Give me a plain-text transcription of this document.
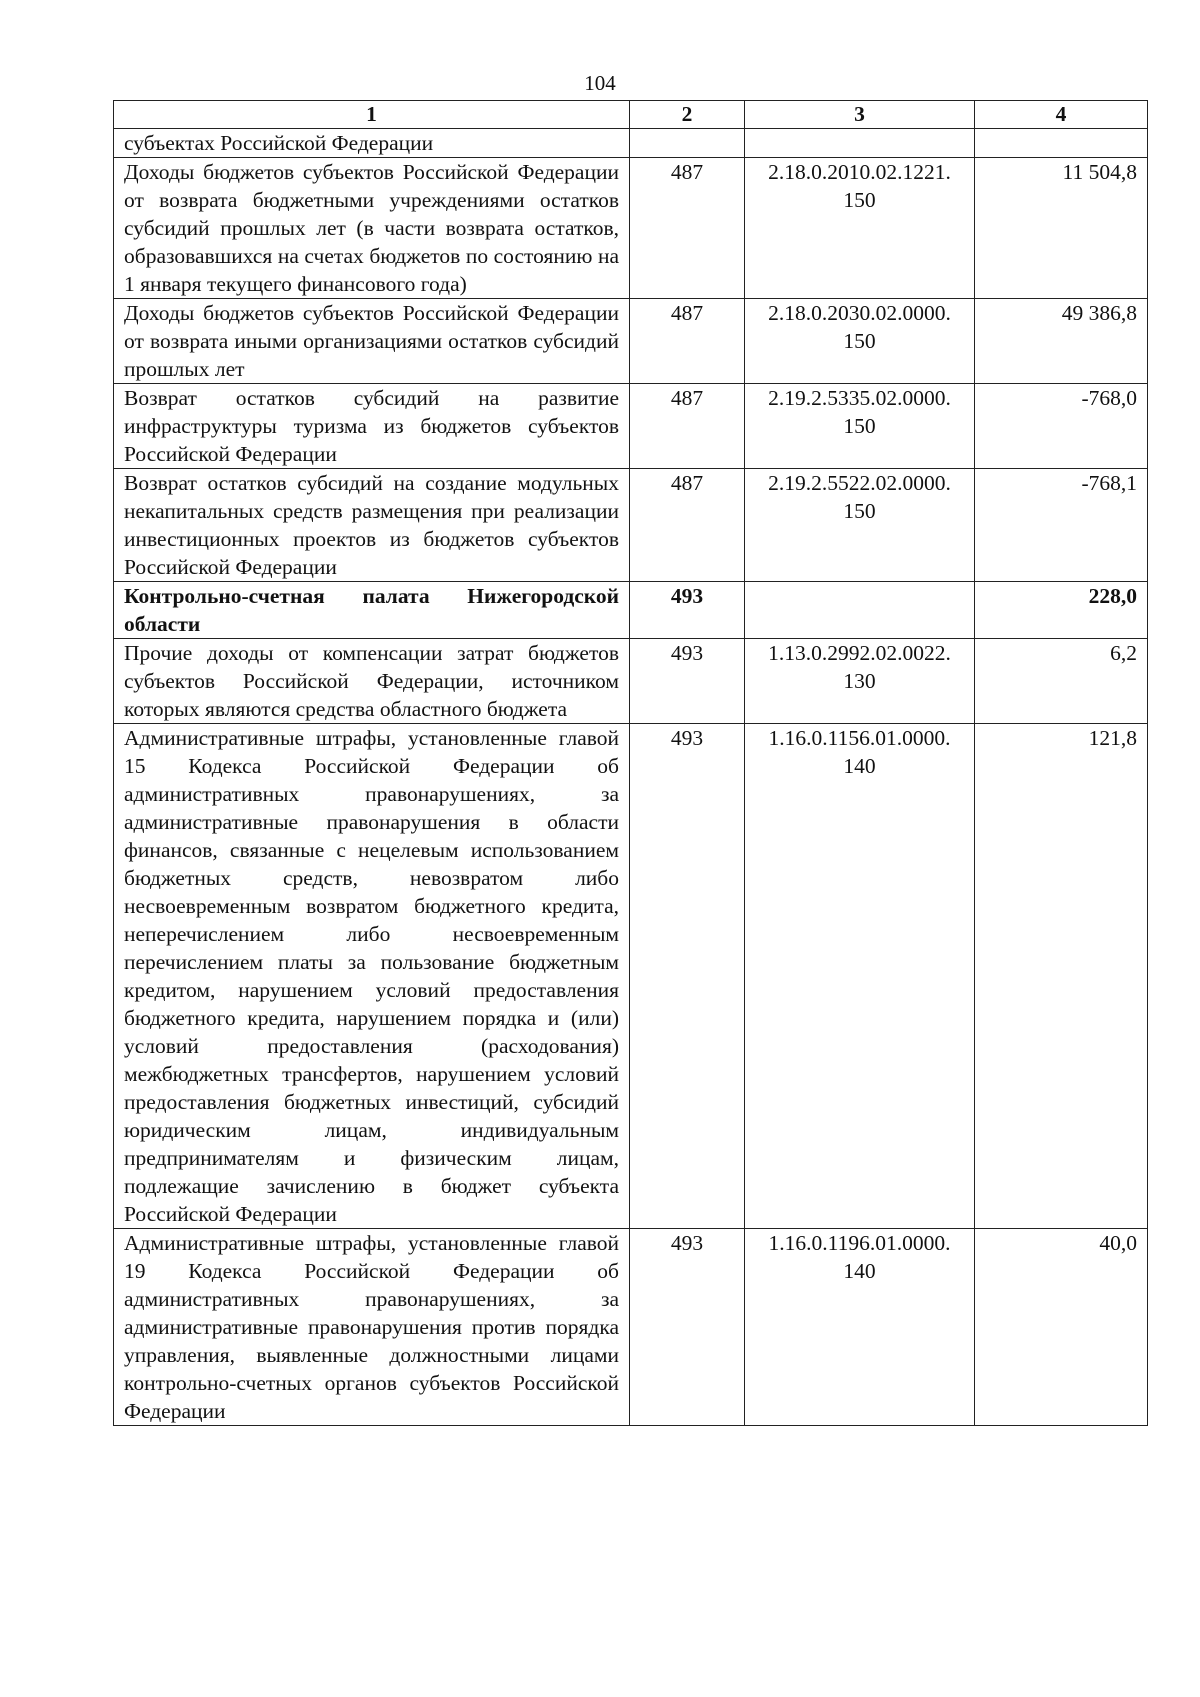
104
1	2	3	4
субъектах Российской Федерации			
Доходы бюджетов субъектов Российской Федерации от возврата бюджетными учреждениями остатков субсидий прошлых лет (в части возврата остатков, образовавшихся на счетах бюджетов по состоянию на 1 января текущего финансового года)	487	2.18.0.2010.02.1221. 150	11 504,8
Доходы бюджетов субъектов Российской Федерации от возврата иными организациями остатков субсидий прошлых лет	487	2.18.0.2030.02.0000. 150	49 386,8
Возврат остатков субсидий на развитие инфраструктуры туризма из бюджетов субъектов Российской Федерации	487	2.19.2.5335.02.0000. 150	-768,0
Возврат остатков субсидий на создание модульных некапитальных средств размещения при реализации инвестиционных проектов из бюджетов субъектов Российской Федерации	487	2.19.2.5522.02.0000. 150	-768,1
Контрольно-счетная палата Нижегородской области	493		228,0
Прочие доходы от компенсации затрат бюджетов субъектов Российской Федерации, источником которых являются средства областного бюджета	493	1.13.0.2992.02.0022. 130	6,2
Административные штрафы, установленные главой 15 Кодекса Российской Федерации об административных правонарушениях, за административные правонарушения в области финансов, связанные с нецелевым использованием бюджетных средств, невозвратом либо несвоевременным возвратом бюджетного кредита, неперечислением либо несвоевременным перечислением платы за пользование бюджетным кредитом, нарушением условий предоставления бюджетного кредита, нарушением порядка и (или) условий предоставления (расходования) межбюджетных трансфертов, нарушением условий предоставления бюджетных инвестиций, субсидий юридическим лицам, индивидуальным предпринимателям и физическим лицам, подлежащие зачислению в бюджет субъекта Российской Федерации	493	1.16.0.1156.01.0000. 140	121,8
Административные штрафы, установленные главой 19 Кодекса Российской Федерации об административных правонарушениях, за административные правонарушения против порядка управления, выявленные должностными лицами контрольно-счетных органов субъектов Российской Федерации	493	1.16.0.1196.01.0000. 140	40,0
